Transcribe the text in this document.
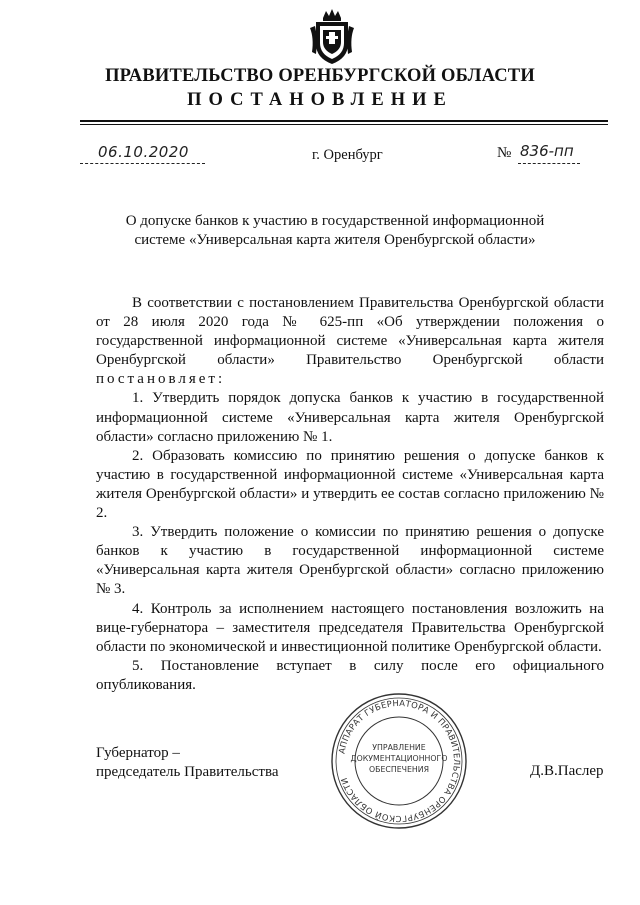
ПРАВИТЕЛЬСТВО ОРЕНБУРГСКОЙ ОБЛАСТИ
ПОСТАНОВЛЕНИЕ
06.10.2020	г. Оренбург	№ 836-пп
О допуске банков к участию в государственной информационной
системе «Универсальная карта жителя Оренбургской области»

В соответствии с постановлением Правительства Оренбургской области от 28 июля 2020 года № 625-пп «Об утверждении положения о государственной информационной системе «Универсальная карта жителя Оренбургской области» Правительство Оренбургской области постановляет:

1. Утвердить порядок допуска банков к участию в государственной информационной системе «Универсальная карта жителя Оренбургской области» согласно приложению № 1.

2. Образовать комиссию по принятию решения о допуске банков к участию в государственной информационной системе «Универсальная карта жителя Оренбургской области» и утвердить ее состав согласно приложению № 2.

3. Утвердить положение о комиссии по принятию решения о допуске банков к участию в государственной информационной системе «Универсальная карта жителя Оренбургской области» согласно приложению № 3.

4. Контроль за исполнением настоящего постановления возложить на вице-губернатора – заместителя председателя Правительства Оренбургской области по экономической и инвестиционной политике Оренбургской области.

5. Постановление вступает в силу после его официального опубликования.

Губернатор –
председатель Правительства	Д.В.Паслер
АППАРАТ ГУБЕРНАТОРА И ПРАВИТЕЛЬСТВА ОРЕНБУРГСКОЙ ОБЛАСТИ
УПРАВЛЕНИЕ
ДОКУМЕНТАЦИОННОГО
ОБЕСПЕЧЕНИЯ
